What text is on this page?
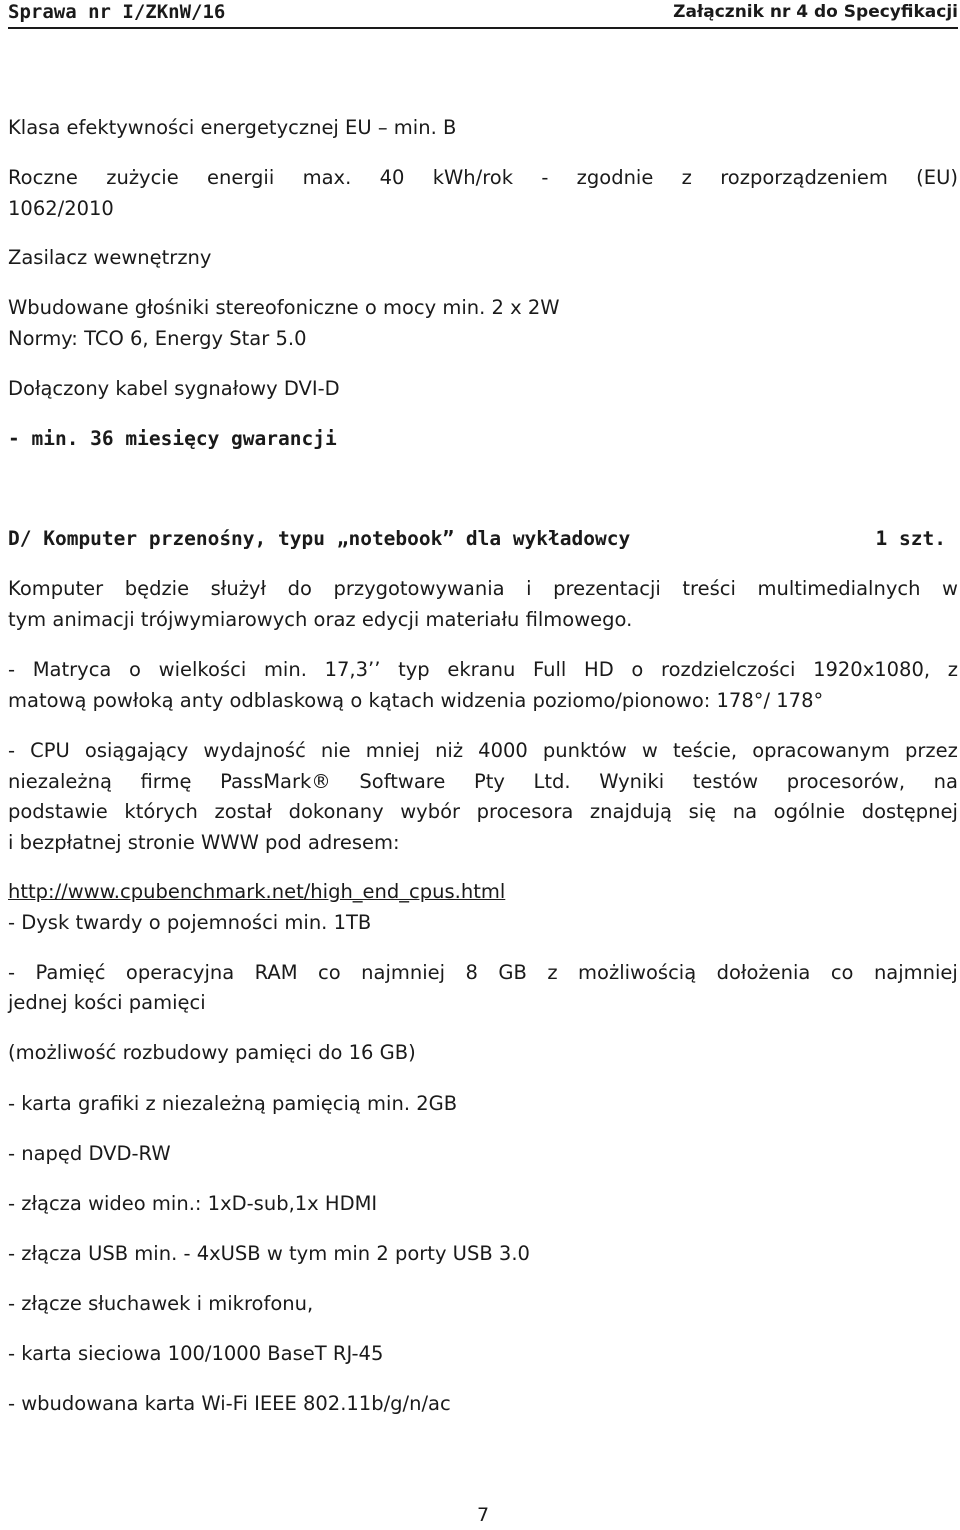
Sprawa nr I/ZKnW/16	Załącznik nr 4 do Specyfikacji
Klasa efektywności energetycznej EU – min. B
Roczne zużycie energii max. 40 kWh/rok - zgodnie z rozporządzeniem (EU)
1062/2010
Zasilacz wewnętrzny
Wbudowane głośniki stereofoniczne o mocy min. 2 x 2W
Normy: TCO 6, Energy Star 5.0
Dołączony kabel sygnałowy DVI-D
- min. 36 miesięcy gwarancji
D/ Komputer przenośny, typu „notebook” dla wykładowcy	1 szt.
Komputer będzie służył do przygotowywania i prezentacji treści multimedialnych w
tym animacji trójwymiarowych oraz edycji materiału filmowego.
- Matryca o wielkości min. 17,3’’ typ ekranu Full HD o rozdzielczości 1920x1080, z
matową powłoką anty odblaskową o kątach widzenia poziomo/pionowo: 178°/ 178°
- CPU osiągający wydajność nie mniej niż 4000 punktów w teście, opracowanym przez
niezależną firmę PassMark® Software Pty Ltd. Wyniki testów procesorów, na
podstawie których został dokonany wybór procesora znajdują się na ogólnie dostępnej
i bezpłatnej stronie WWW pod adresem:
http://www.cpubenchmark.net/high_end_cpus.html
- Dysk twardy o pojemności min. 1TB
- Pamięć operacyjna RAM co najmniej 8 GB z możliwością dołożenia co najmniej
jednej kości pamięci
(możliwość rozbudowy pamięci do 16 GB)
- karta grafiki z niezależną pamięcią min. 2GB
- napęd DVD-RW
- złącza wideo min.: 1xD-sub,1x HDMI
- złącza USB min. - 4xUSB w tym min 2 porty USB 3.0
- złącze słuchawek i mikrofonu,
- karta sieciowa 100/1000 BaseT RJ-45
- wbudowana karta Wi-Fi IEEE 802.11b/g/n/ac
7
